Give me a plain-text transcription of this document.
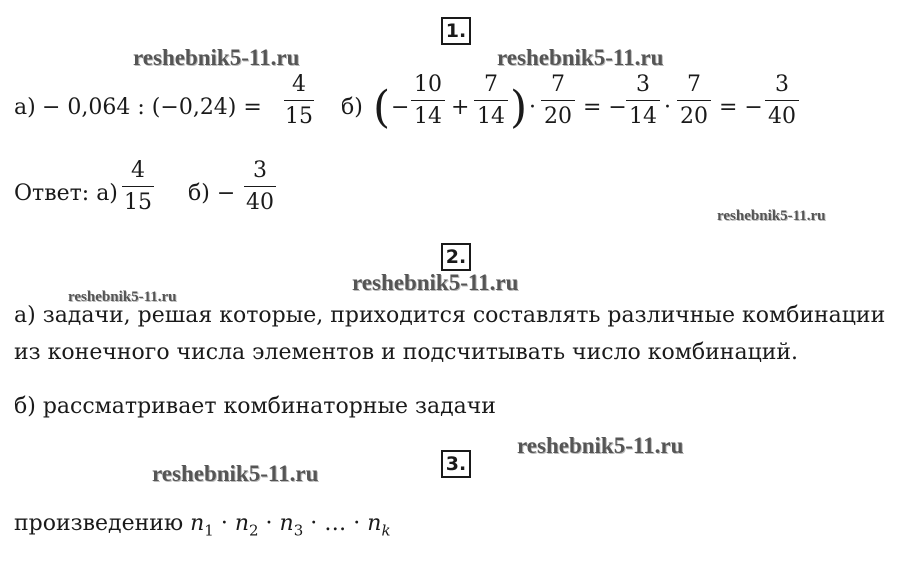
reshebnik5-11.ru	reshebnik5-11.ru
reshebnik5-11.ru
reshebnik5-11.ru
reshebnik5-11.ru
reshebnik5-11.ru
reshebnik5-11.ru
1.
а) − 0,064 : (−0,24) =
4
15 б) ( −
10
14 +
7
14 ) ·
7
20 = −
3
14 ·
7
20 = −
3
40
Ответ: а)
4
15 б) −
3
40
2.
а) задачи, решая которые, приходится составлять различные комбинации
из конечного числа элементов и подсчитывать число комбинаций.
б) рассматривает комбинаторные задачи
3.
произведению $n_1 \cdot n_2 \cdot n_3$ · … · $n_k$
